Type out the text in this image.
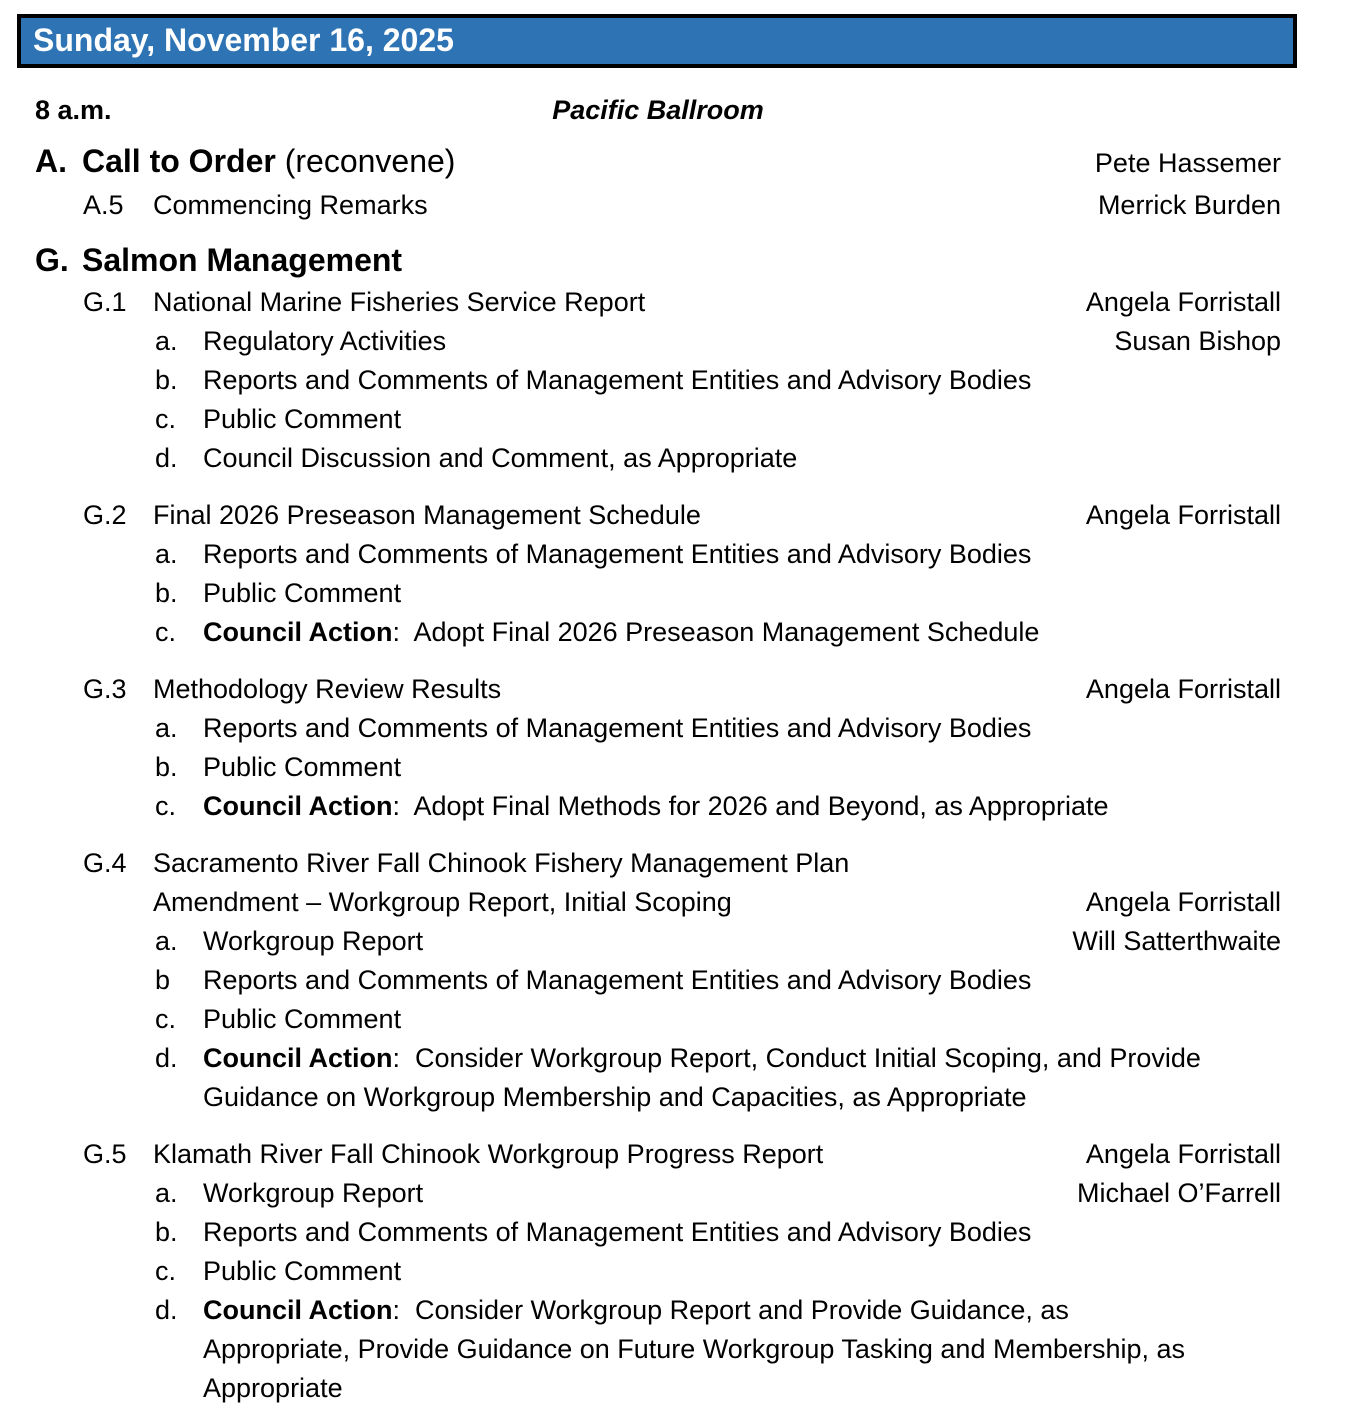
Sunday, November 16, 2025
8 a.m.	Pacific Ballroom
A. Call to Order (reconvene)	Pete Hassemer
A.5	Commencing Remarks	Merrick Burden
G. Salmon Management
G.1 National Marine Fisheries Service Report	Angela Forristall
a. Regulatory Activities	Susan Bishop
b. Reports and Comments of Management Entities and Advisory Bodies
c. Public Comment
d. Council Discussion and Comment, as Appropriate
G.2 Final 2026 Preseason Management Schedule	Angela Forristall
a. Reports and Comments of Management Entities and Advisory Bodies
b. Public Comment
c. Council Action:  Adopt Final 2026 Preseason Management Schedule
G.3 Methodology Review Results	Angela Forristall
a. Reports and Comments of Management Entities and Advisory Bodies
b. Public Comment
c. Council Action:  Adopt Final Methods for 2026 and Beyond, as Appropriate
G.4 Sacramento River Fall Chinook Fishery Management Plan
Amendment – Workgroup Report, Initial Scoping	Angela Forristall
a. Workgroup Report	Will Satterthwaite
b	Reports and Comments of Management Entities and Advisory Bodies
c. Public Comment
d. Council Action:  Consider Workgroup Report, Conduct Initial Scoping, and Provide
Guidance on Workgroup Membership and Capacities, as Appropriate
G.5 Klamath River Fall Chinook Workgroup Progress Report	Angela Forristall
a. Workgroup Report	Michael O’Farrell
b. Reports and Comments of Management Entities and Advisory Bodies
c. Public Comment
d. Council Action:  Consider Workgroup Report and Provide Guidance, as
Appropriate, Provide Guidance on Future Workgroup Tasking and Membership, as
Appropriate
